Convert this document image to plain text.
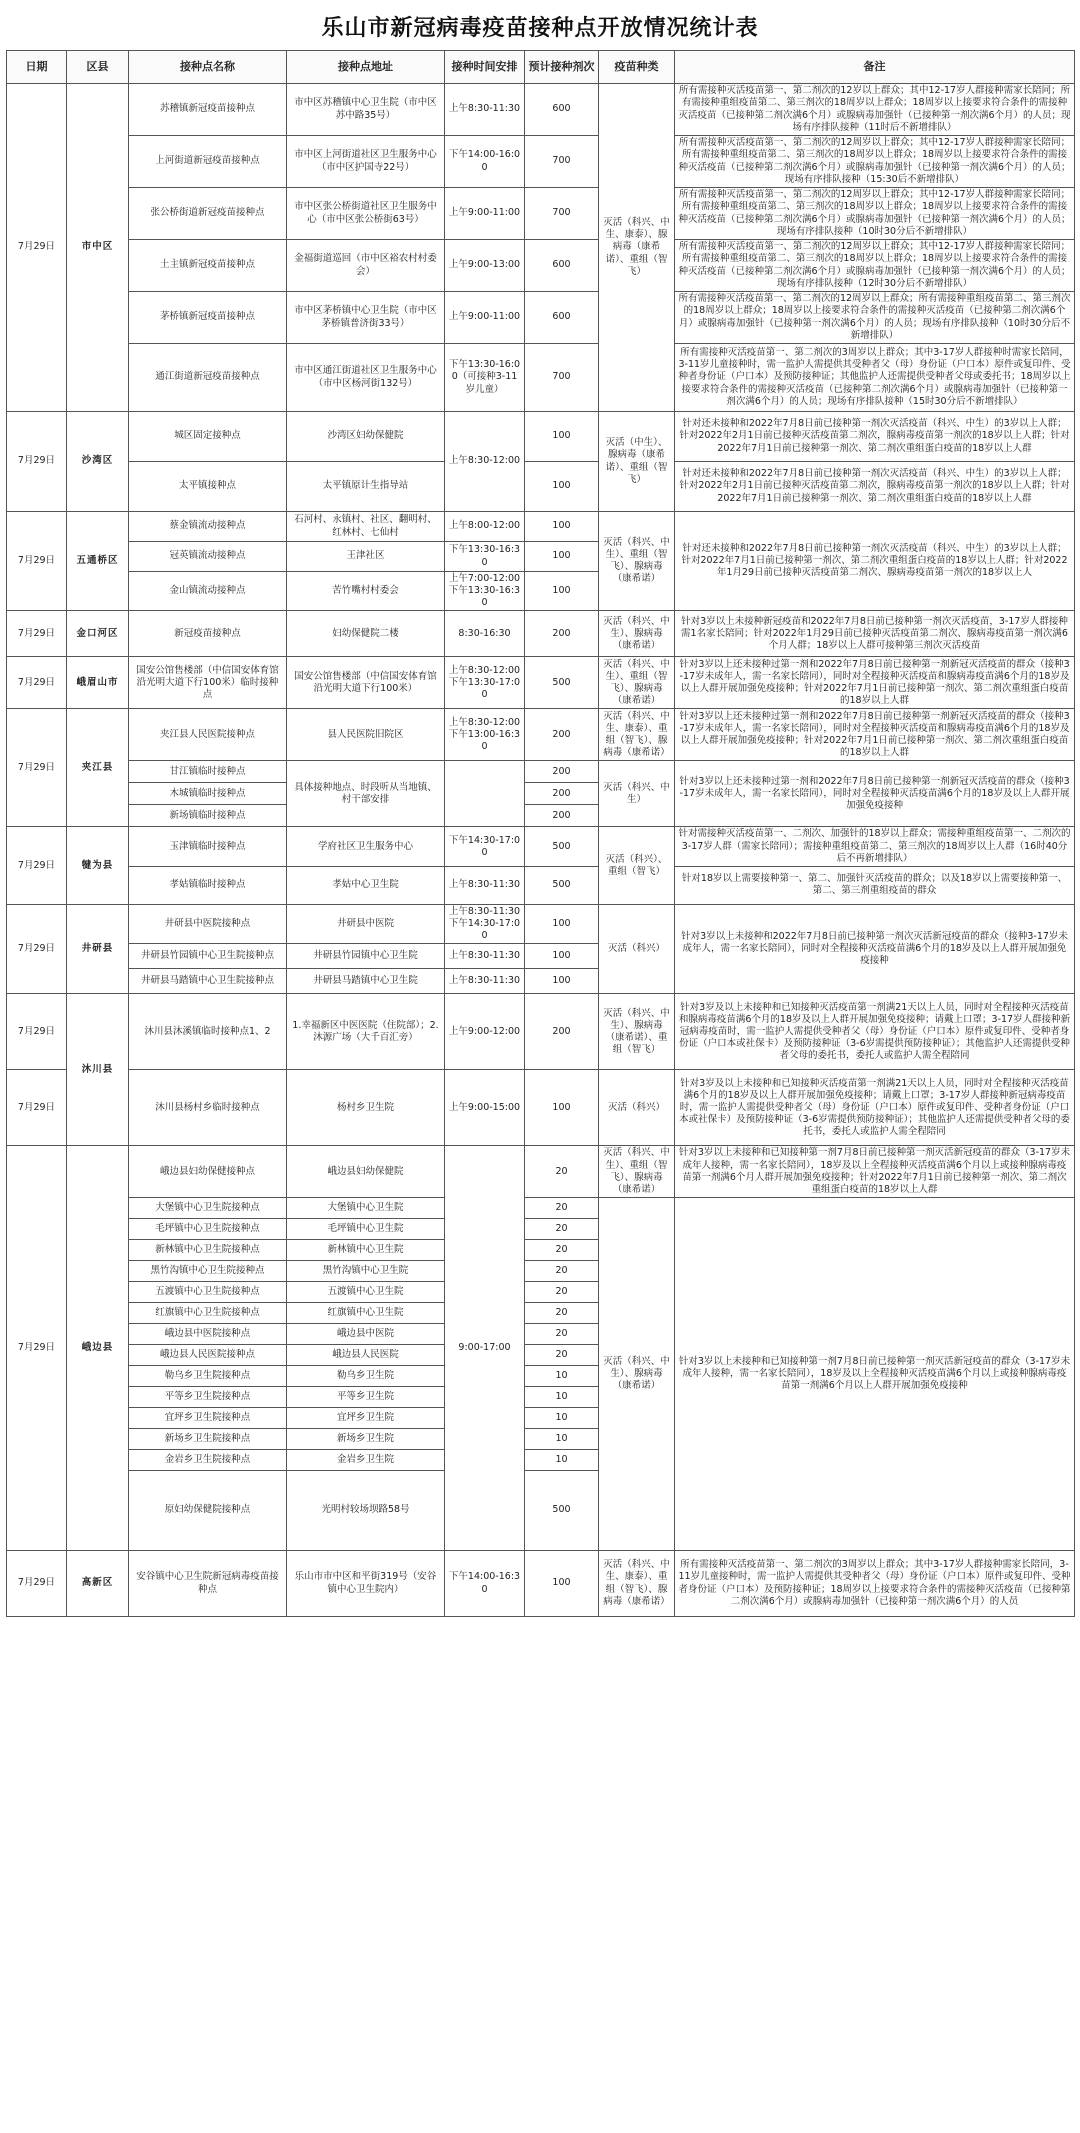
乐山市新冠病毒疫苗接种点开放情况统计表
日期	区县	接种点名称	接种点地址	接种时间安排	预计接种剂次	疫苗种类	备注
7月29日	市中区	苏稽镇新冠疫苗接种点	市中区苏稽镇中心卫生院（市中区苏中路35号）	上午8:30-11:30	600	灭活（科兴、中生、康泰）、腺病毒（康希诺）、重组（智飞）	所有需接种灭活疫苗第一、第二剂次的12岁以上群众；其中12-17岁人群接种需家长陪同；所有需接种重组疫苗第二、第三剂次的18周岁以上群众；18周岁以上接要求符合条件的需接种灭活疫苗（已接种第二剂次满6个月）或腺病毒加强针（已接种第一剂次满6个月）的人员；现场有序排队接种（11时后不新增排队）
		上河街道新冠疫苗接种点	市中区上河街道社区卫生服务中心（市中区护国寺22号）	下午14:00-16:00	700		所有需接种灭活疫苗第一、第二剂次的12周岁以上群众；其中12-17岁人群接种需家长陪同；所有需接种重组疫苗第二、第三剂次的18周岁以上群众；18周岁以上接要求符合条件的需接种灭活疫苗（已接种第二剂次满6个月）或腺病毒加强针（已接种第一剂次满6个月）的人员；现场有序排队接种（15:30后不新增排队）
		张公桥街道新冠疫苗接种点	市中区张公桥街道社区卫生服务中心（市中区张公桥街63号）	上午9:00-11:00	700		所有需接种灭活疫苗第一、第二剂次的12周岁以上群众；其中12-17岁人群接种需家长陪同；所有需接种重组疫苗第二、第三剂次的18周岁以上群众；18周岁以上接要求符合条件的需接种灭活疫苗（已接种第二剂次满6个月）或腺病毒加强针（已接种第一剂次满6个月）的人员；现场有序排队接种（10时30分后不新增排队）
		土主镇新冠疫苗接种点	金福街道巡回（市中区裕农村村委会）	上午9:00-13:00	600		所有需接种灭活疫苗第一、第二剂次的12周岁以上群众；其中12-17岁人群接种需家长陪同；所有需接种重组疫苗第二、第三剂次的18周岁以上群众；18周岁以上接要求符合条件的需接种灭活疫苗（已接种第二剂次满6个月）或腺病毒加强针（已接种第一剂次满6个月）的人员；现场有序排队接种（12时30分后不新增排队）
		茅桥镇新冠疫苗接种点	市中区茅桥镇中心卫生院（市中区茅桥镇普济街33号）	上午9:00-11:00	600		所有需接种灭活疫苗第一、第二剂次的12周岁以上群众；所有需接种重组疫苗第二、第三剂次的18周岁以上群众；18周岁以上接要求符合条件的需接种灭活疫苗（已接种第二剂次满6个月）或腺病毒加强针（已接种第一剂次满6个月）的人员；现场有序排队接种（10时30分后不新增排队）
		通江街道新冠疫苗接种点	市中区通江街道社区卫生服务中心（市中区杨河街132号）	下午13:30-16:00（可接种3-11岁儿童）	700		所有需接种灭活疫苗第一、第二剂次的3周岁以上群众；其中3-17岁人群接种时需家长陪同，3-11岁儿童接种时，需一监护人需提供其受种者父（母）身份证（户口本）原件或复印件、受种者身份证（户口本）及预防接种证；其他监护人还需提供受种者父母或委托书；18周岁以上接要求符合条件的需接种灭活疫苗（已接种第二剂次满6个月）或腺病毒加强针（已接种第一剂次满6个月）的人员；现场有序排队接种（15时30分后不新增排队）
7月29日	沙湾区	城区固定接种点	沙湾区妇幼保健院	上午8:30-12:00	100	灭活（中生）、腺病毒（康希诺）、重组（智飞）	针对还未接种和2022年7月8日前已接种第一剂次灭活疫苗（科兴、中生）的3岁以上人群；针对2022年2月1日前已接种灭活疫苗第二剂次，腺病毒疫苗第一剂次的18岁以上人群；针对2022年7月1日前已接种第一剂次、第二剂次重组蛋白疫苗的18岁以上人群
		太平镇接种点	太平镇原计生指导站		100		针对还未接种和2022年7月8日前已接种第一剂次灭活疫苗（科兴、中生）的3岁以上人群；针对2022年2月1日前已接种灭活疫苗第二剂次，腺病毒疫苗第一剂次的18岁以上人群；针对2022年7月1日前已接种第一剂次、第二剂次重组蛋白疫苗的18岁以上人群
7月29日	五通桥区	蔡金镇流动接种点	石河村、永镇村、社区、翻明村、红林村、七仙村	上午8:00-12:00	100	灭活（科兴、中生）、重组（智飞）、腺病毒（康希诺）	针对还未接种和2022年7月8日前已接种第一剂次灭活疫苗（科兴、中生）的3岁以上人群；针对2022年7月1日前已接种第一剂次、第二剂次重组蛋白疫苗的18岁以上人群；针对2022年1月29日前已接种灭活疫苗第二剂次、腺病毒疫苗第一剂次的18岁以上人
		冠英镇流动接种点	王津社区	下午13:30-16:30	100		
		金山镇流动接种点	苦竹嘴村村委会	上午7:00-12:00 下午13:30-16:30	100		
7月29日	金口河区	新冠疫苗接种点	妇幼保健院二楼	8:30-16:30	200	灭活（科兴、中生）、腺病毒（康希诺）	针对3岁以上未接种新冠疫苗和2022年7月8日前已接种第一剂次灭活疫苗，3-17岁人群接种需1名家长陪同；针对2022年1月29日前已接种灭活疫苗第二剂次、腺病毒疫苗第一剂次满6个月人群；18岁以上人群可接种第三剂次灭活疫苗
7月29日	峨眉山市	国安公馆售楼部（中信国安体育馆沿光明大道下行100米）临时接种点	国安公馆售楼部（中信国安体育馆沿光明大道下行100米）	上午8:30-12:00 下午13:30-17:00	500	灭活（科兴、中生）、重组（智飞）、腺病毒（康希诺）	针对3岁以上还未接种过第一剂和2022年7月8日前已接种第一剂新冠灭活疫苗的群众（接种3-17岁未成年人，需一名家长陪同），同时对全程接种灭活疫苗和腺病毒疫苗满6个月的18岁及以上人群开展加强免疫接种；针对2022年7月1日前已接种第一剂次、第二剂次重组蛋白疫苗的18岁以上人群
7月29日	夹江县	夹江县人民医院接种点	县人民医院旧院区	上午8:30-12:00 下午13:00-16:30	200	灭活（科兴、中生、康泰）、重组（智飞）、腺病毒（康希诺）	针对3岁以上还未接种过第一剂和2022年7月8日前已接种第一剂新冠灭活疫苗的群众（接种3-17岁未成年人，需一名家长陪同），同时对全程接种灭活疫苗和腺病毒疫苗满6个月的18岁及以上人群开展加强免疫接种；针对2022年7月1日前已接种第一剂次、第二剂次重组蛋白疫苗的18岁以上人群
		甘江镇临时接种点	具体接种地点、时段听从当地镇、村干部安排		200	灭活（科兴、中生）	针对3岁以上还未接种过第一剂和2022年7月8日前已接种第一剂新冠灭活疫苗的群众（接种3-17岁未成年人，需一名家长陪同），同时对全程接种灭活疫苗满6个月的18岁及以上人群开展加强免疫接种
		木城镇临时接种点			200		
		新场镇临时接种点			200		
7月29日	犍为县	玉津镇临时接种点	学府社区卫生服务中心	下午14:30-17:00	500	灭活（科兴）、重组（智飞）	针对需接种灭活疫苗第一、二剂次、加强针的18岁以上群众；需接种重组疫苗第一、二剂次的3-17岁人群（需家长陪同）；需接种重组疫苗第二、第三剂次的18周岁以上人群（16时40分后不再新增排队）
		孝姑镇临时接种点	孝姑中心卫生院	上午8:30-11:30	500		针对18岁以上需要接种第一、第二、加强针灭活疫苗的群众；以及18岁以上需要接种第一、第二、第三剂重组疫苗的群众
7月29日	井研县	井研县中医院接种点	井研县中医院	上午8:30-11:30 下午14:30-17:00	100	灭活（科兴）	针对3岁以上未接种和2022年7月8日前已接种第一剂次灭活新冠疫苗的群众（接种3-17岁未成年人，需一名家长陪同），同时对全程接种灭活疫苗满6个月的18岁及以上人群开展加强免疫接种
		井研县竹园镇中心卫生院接种点	井研县竹园镇中心卫生院	上午8:30-11:30	100		
		井研县马踏镇中心卫生院接种点	井研县马踏镇中心卫生院	上午8:30-11:30	100		
7月29日	沐川县	沐川县沐溪镇临时接种点1、2	1.幸福新区中医医院（住院部）；2.沐源广场（大千百汇旁）	上午9:00-12:00	200	灭活（科兴、中生）、腺病毒（康希诺）、重组（智飞）	针对3岁及以上未接种和已知接种灭活疫苗第一剂满21天以上人员，同时对全程接种灭活疫苗和腺病毒疫苗满6个月的18岁及以上人群开展加强免疫接种；请戴上口罩；3-17岁人群接种新冠病毒疫苗时，需一监护人需提供受种者父（母）身份证（户口本）原件或复印件、受种者身份证（户口本或社保卡）及预防接种证（3-6岁需提供预防接种证）；其他监护人还需提供受种者父母的委托书，委托人或监护人需全程陪同
7月29日		沐川县杨村乡临时接种点	杨村乡卫生院	上午9:00-15:00	100	灭活（科兴）	针对3岁及以上未接种和已知接种灭活疫苗第一剂满21天以上人员，同时对全程接种灭活疫苗满6个月的18岁及以上人群开展加强免疫接种；请戴上口罩；3-17岁人群接种新冠病毒疫苗时，需一监护人需提供受种者父（母）身份证（户口本）原件或复印件、受种者身份证（户口本或社保卡）及预防接种证（3-6岁需提供预防接种证）；其他监护人还需提供受种者父母的委托书，委托人或监护人需全程陪同
7月29日	峨边县	峨边县妇幼保健接种点	峨边县妇幼保健院	9:00-17:00	20	灭活（科兴、中生）、重组（智飞）、腺病毒（康希诺）	针对3岁以上未接种和已知接种第一剂7月8日前已接种第一剂灭活新冠疫苗的群众（3-17岁未成年人接种，需一名家长陪同），18岁及以上全程接种灭活疫苗满6个月以上或接种腺病毒疫苗第一剂满6个月人群开展加强免疫接种；针对2022年7月1日前已接种第一剂次、第二剂次重组蛋白疫苗的18岁以上人群
		大堡镇中心卫生院接种点	大堡镇中心卫生院		20	灭活（科兴、中生）、腺病毒（康希诺）	针对3岁以上未接种和已知接种第一剂7月8日前已接种第一剂灭活新冠疫苗的群众（3-17岁未成年人接种，需一名家长陪同），18岁及以上全程接种灭活疫苗满6个月以上或接种腺病毒疫苗第一剂满6个月以上人群开展加强免疫接种
		毛坪镇中心卫生院接种点	毛坪镇中心卫生院		20		
		新林镇中心卫生院接种点	新林镇中心卫生院		20		
		黑竹沟镇中心卫生院接种点	黑竹沟镇中心卫生院		20		
		五渡镇中心卫生院接种点	五渡镇中心卫生院		20		
		红旗镇中心卫生院接种点	红旗镇中心卫生院		20		
		峨边县中医院接种点	峨边县中医院		20		
		峨边县人民医院接种点	峨边县人民医院		20		
		勒乌乡卫生院接种点	勒乌乡卫生院		10		
		平等乡卫生院接种点	平等乡卫生院		10		
		宜坪乡卫生院接种点	宜坪乡卫生院		10		
		新场乡卫生院接种点	新场乡卫生院		10		
		金岩乡卫生院接种点	金岩乡卫生院		10		
		原妇幼保健院接种点	光明村较场坝路58号		500		
7月29日	高新区	安谷镇中心卫生院新冠病毒疫苗接种点	乐山市市中区和平街319号（安谷镇中心卫生院内）	下午14:00-16:30	100	灭活（科兴、中生、康泰）、重组（智飞）、腺病毒（康希诺）	所有需接种灭活疫苗第一、第二剂次的3周岁以上群众；其中3-17岁人群接种需家长陪同，3-11岁儿童接种时，需一监护人需提供其受种者父（母）身份证（户口本）原件或复印件、受种者身份证（户口本）及预防接种证；18周岁以上接要求符合条件的需接种灭活疫苗（已接种第二剂次满6个月）或腺病毒加强针（已接种第一剂次满6个月）的人员
